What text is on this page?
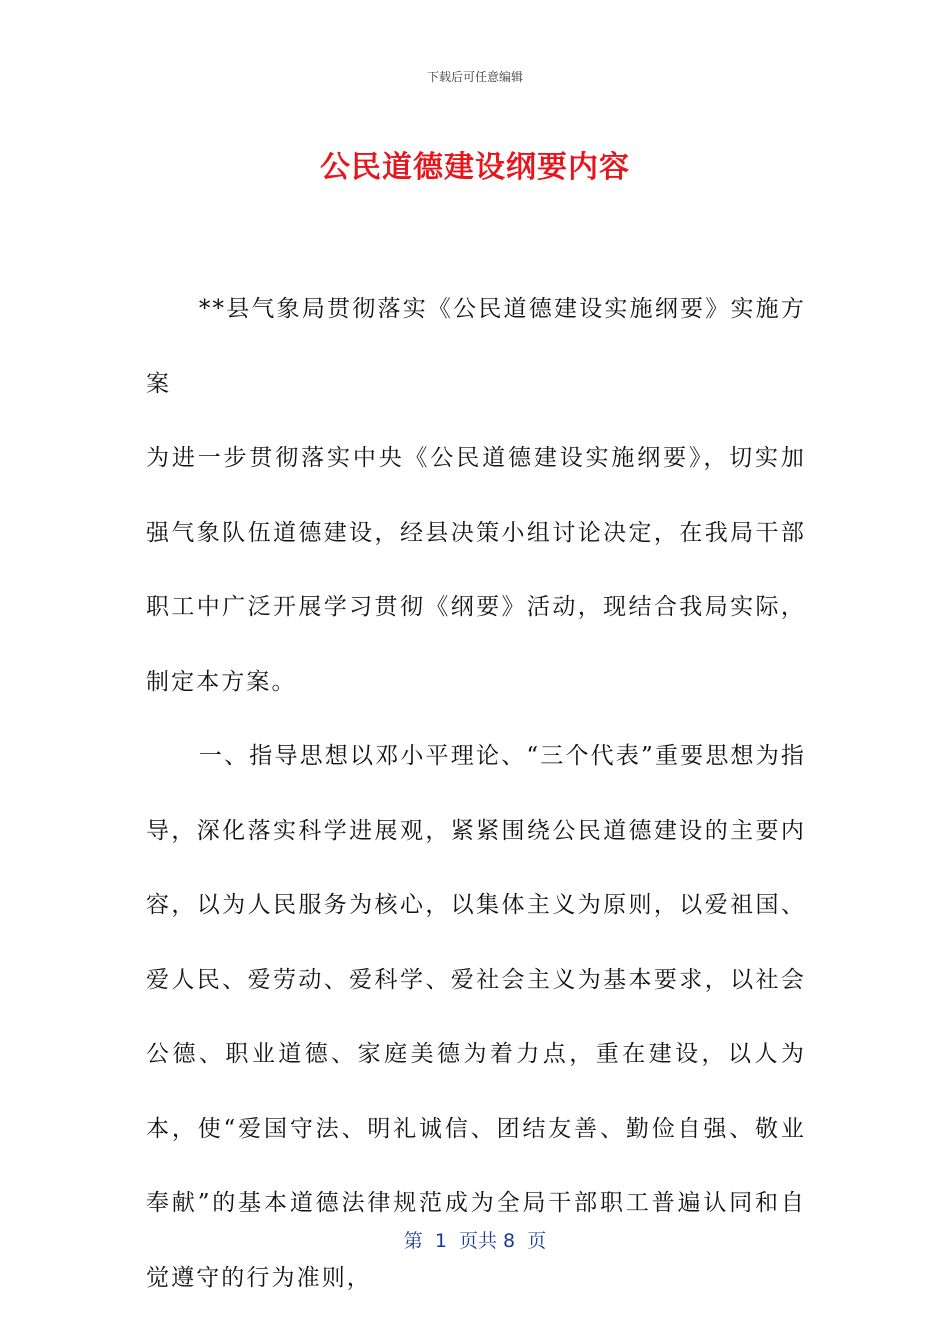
下载后可任意编辑
公民道德建设纲要内容

**县气象局贯彻落实《公民道德建设实施纲要》实施方案

为进一步贯彻落实中央《公民道德建设实施纲要》，切实加强气象队伍道德建设，经县决策小组讨论决定，在我局干部职工中广泛开展学习贯彻《纲要》活动，现结合我局实际，制定本方案。

一、指导思想以邓小平理论、“三个代表”重要思想为指导，深化落实科学进展观，紧紧围绕公民道德建设的主要内容，以为人民服务为核心，以集体主义为原则，以爱祖国、爱人民、爱劳动、爱科学、爱社会主义为基本要求，以社会公德、职业道德、家庭美德为着力点，重在建设，以人为本，使“爱国守法、明礼诚信、团结友善、勤俭自强、敬业奉献”的基本道德法律规范成为全局干部职工普遍认同和自觉遵守的行为准则，

第  1  页共 8  页
